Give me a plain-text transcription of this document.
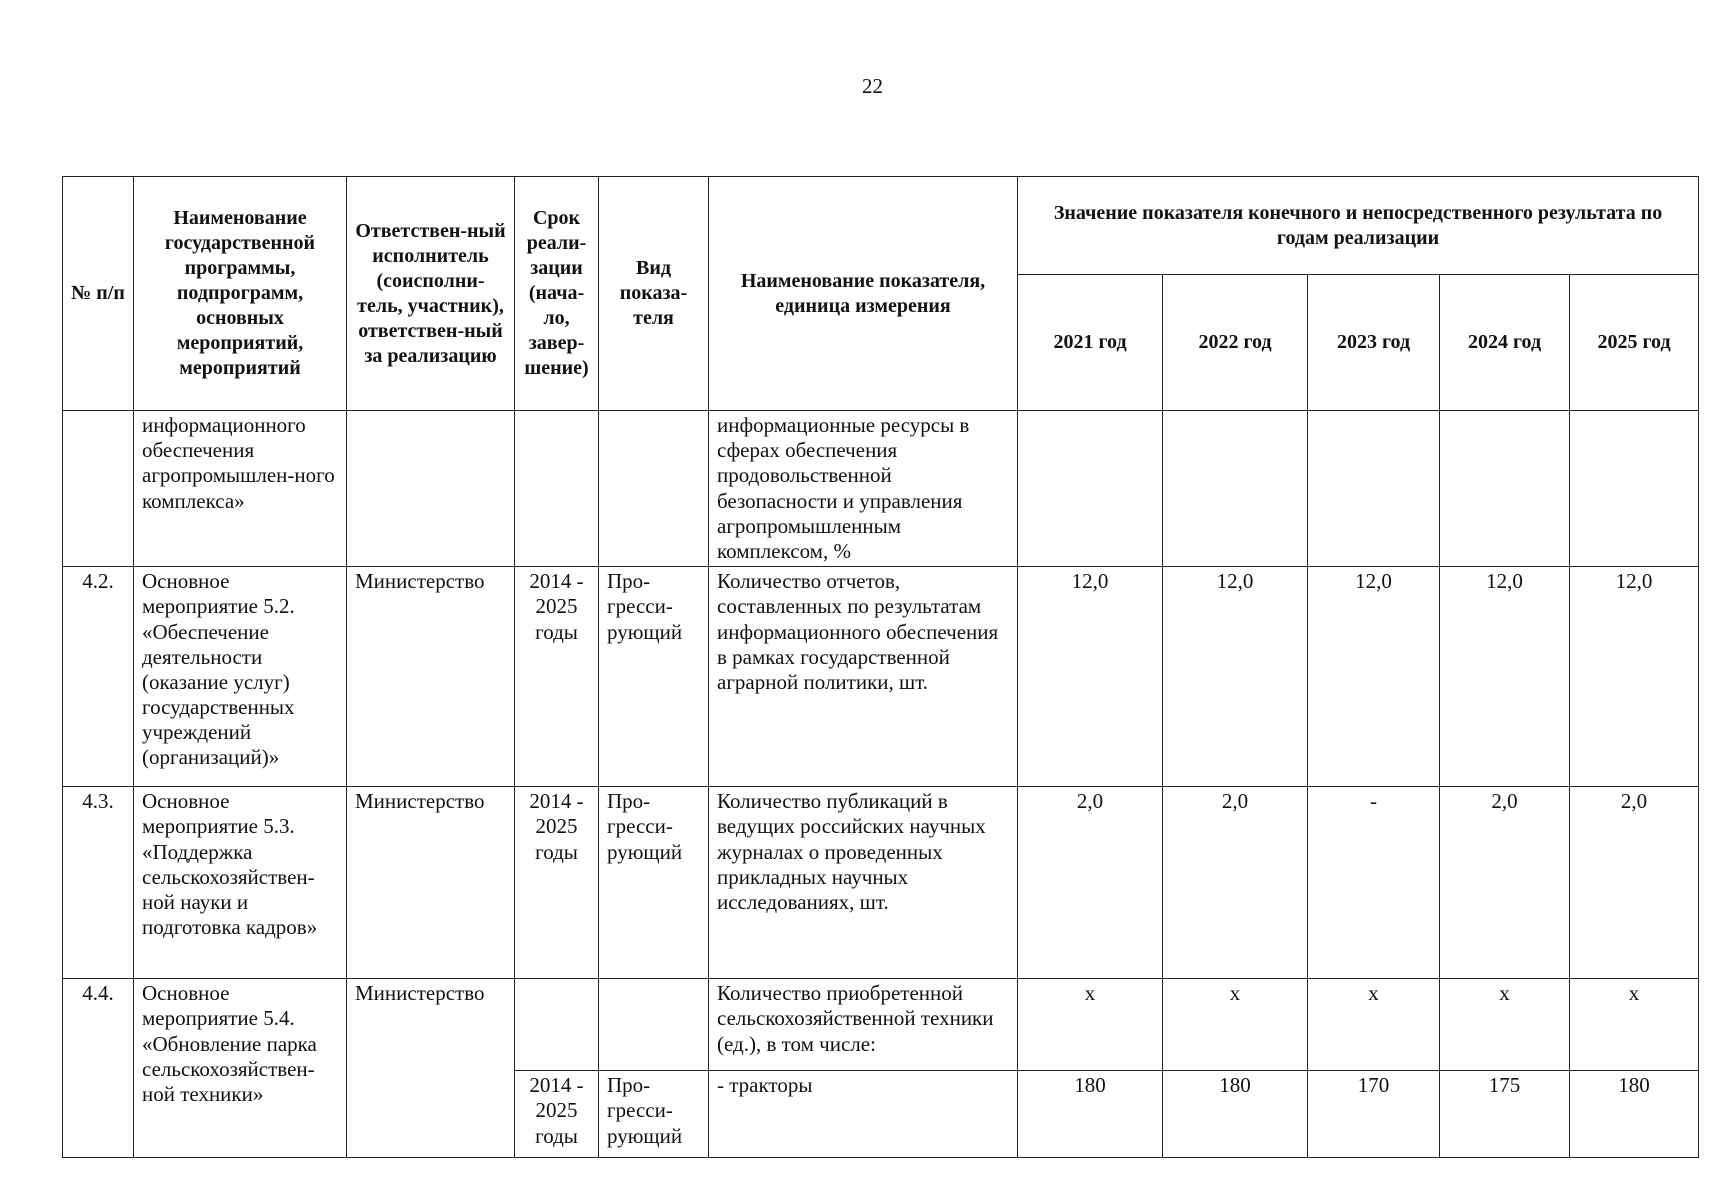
22
№ п/п	Наименование государственной программы, подпрограмм, основных мероприятий, мероприятий	Ответствен-ный исполнитель (соисполни-тель, участник), ответствен-ный за реализацию	Срок реали-зации (нача-ло, завер-шение)	Вид показа-теля	Наименование показателя, единица измерения	Значение показателя конечного и непосредственного результата по годам реализации				
						2021 год	2022 год	2023 год	2024 год	2025 год
	информационного обеспечения агропромышлен-ного комплекса»				информационные ресурсы в сферах обеспечения продовольственной безопасности и управления агропромышленным комплексом, %					
4.2.	Основное мероприятие 5.2. «Обеспечение деятельности (оказание услуг) государственных учреждений (организаций)»	Министерство	2014 - 2025 годы	Про-гресси-рующий	Количество отчетов, составленных по результатам информационного обеспечения в рамках государственной аграрной политики, шт.	12,0	12,0	12,0	12,0	12,0
4.3.	Основное мероприятие 5.3. «Поддержка сельскохозяйствен-ной науки и подготовка кадров»	Министерство	2014 - 2025 годы	Про-гресси-рующий	Количество публикаций в ведущих российских научных журналах о проведенных прикладных научных исследованиях, шт.	2,0	2,0	-	2,0	2,0
4.4.	Основное мероприятие 5.4. «Обновление парка сельскохозяйствен-ной техники»	Министерство			Количество приобретенной сельскохозяйственной техники (ед.), в том числе:	х	х	х	х	х
			2014 - 2025 годы	Про-гресси-рующий	- тракторы	180	180	170	175	180
